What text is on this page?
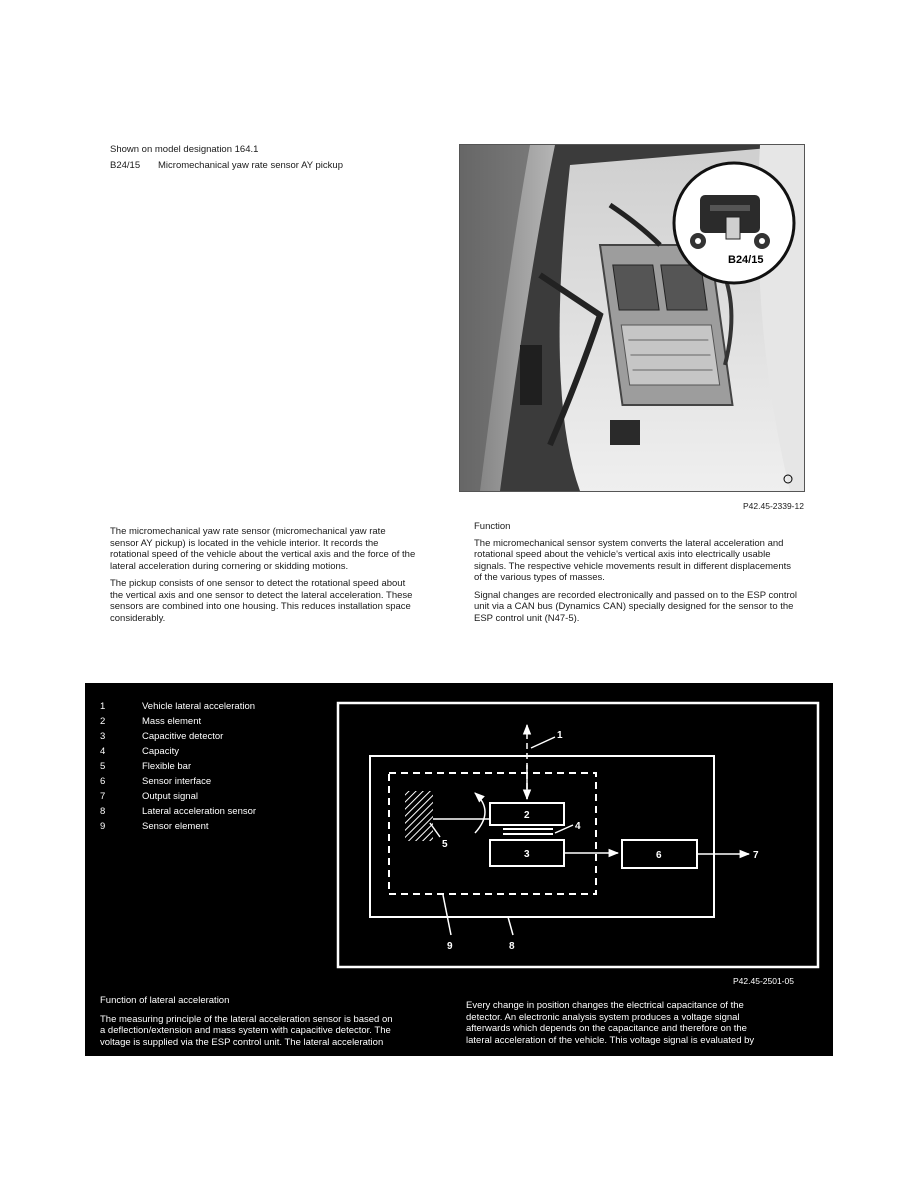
Shown on model designation 164.1
B24/15 Micromechanical yaw rate sensor AY pickup
B24/15
P42.45-2339-12

The micromechanical yaw rate sensor (micromechanical yaw rate sensor AY pickup) is located in the vehicle interior. It records the rotational speed of the vehicle about the vertical axis and the force of the lateral acceleration during cornering or skidding motions.

The pickup consists of one sensor to detect the rotational speed about the vertical axis and one sensor to detect the lateral acceleration. These sensors are combined into one housing. This reduces installation space considerably.

Function

The micromechanical sensor system converts the lateral acceleration and rotational speed about the vehicle's vertical axis into electrically usable signals. The respective vehicle movements result in different displacements of the various types of masses.

Signal changes are recorded electronically and passed on to the ESP control unit via a CAN bus (Dynamics CAN) specially designed for the sensor to the ESP control unit (N47-5).

1	Vehicle lateral acceleration
2	Mass element
3	Capacitive detector
4	Capacity
5	Flexible bar
6	Sensor interface
7	Output signal
8	Lateral acceleration sensor
9	Sensor element
1
2
3
4
5
6	7
8
9
P42.45-2501-05

Function of lateral acceleration

The measuring principle of the lateral acceleration sensor is based on a deflection/extension and mass system with capacitive detector. The voltage is supplied via the ESP control unit. The lateral acceleration

Every change in position changes the electrical capacitance of the detector. An electronic analysis system produces a voltage signal afterwards which depends on the capacitance and therefore on the lateral acceleration of the vehicle. This voltage signal is evaluated by
